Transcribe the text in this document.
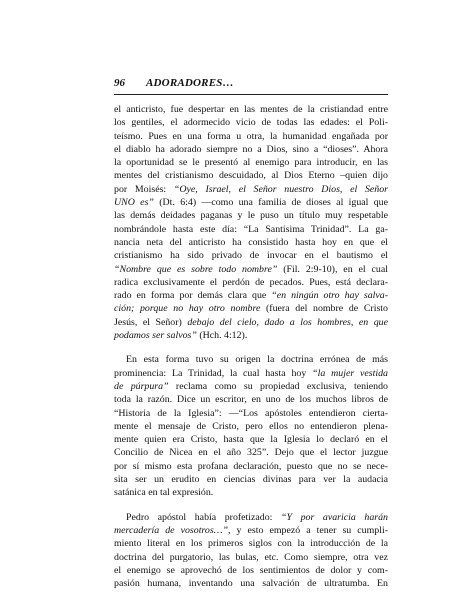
96 ADORADORES…
el anticristo, fue despertar en las mentes de la cristiandad entre
los gentiles, el adormecido vicio de todas las edades: el Poli-
teísmo. Pues en una forma u otra, la humanidad engañada por
el diablo ha adorado siempre no a Dios, sino a “dioses”. Ahora
la oportunidad se le presentó al enemigo para introducir, en las
mentes del cristianismo descuidado, al Dios Eterno –quien dijo
por Moisés: “Oye, Israel, el Señor nuestro Dios, el Señor
UNO es” (Dt. 6:4) —como una familia de dioses al igual que
las demás deidades paganas y le puso un título muy respetable
nombrándole hasta este día: “La Santísima Trinidad”. La ga-
nancia neta del anticristo ha consistido hasta hoy en que el
cristianismo ha sido privado de invocar en el bautismo el
“Nombre que es sobre todo nombre” (Fil. 2:9-10), en el cual
radica exclusivamente el perdón de pecados. Pues, está declara-
rado en forma por demás clara que “en ningún otro hay salva-
ción; porque no hay otro nombre (fuera del nombre de Cristo
Jesús, el Señor) debajo del cielo, dado a los hombres, en que
podamos ser salvos” (Hch. 4:12).
En esta forma tuvo su origen la doctrina errónea de más
prominencia: La Trinidad, la cual hasta hoy “la mujer vestida
de púrpura” reclama como su propiedad exclusiva, teniendo
toda la razón. Dice un escritor, en uno de los muchos libros de
“Historia de la Iglesia”: —“Los apóstoles entendieron cierta-
mente el mensaje de Cristo, pero ellos no entendieron plena-
mente quien era Cristo, hasta que la Iglesia lo declaró en el
Concilio de Nicea en el año 325”. Dejo que el lector juzgue
por sí mismo esta profana declaración, puesto que no se nece-
sita ser un erudito en ciencias divinas para ver la audacia
satánica en tal expresión.
Pedro apóstol había profetizado: “Y por avaricia harán
mercadería de vosotros…”, y esto empezó a tener su cumpli-
miento literal en los primeros siglos con la introducción de la
doctrina del purgatorio, las bulas, etc. Como siempre, otra vez
el enemigo se aprovechó de los sentimientos de dolor y com-
pasión humana, inventando una salvación de ultratumba. En
